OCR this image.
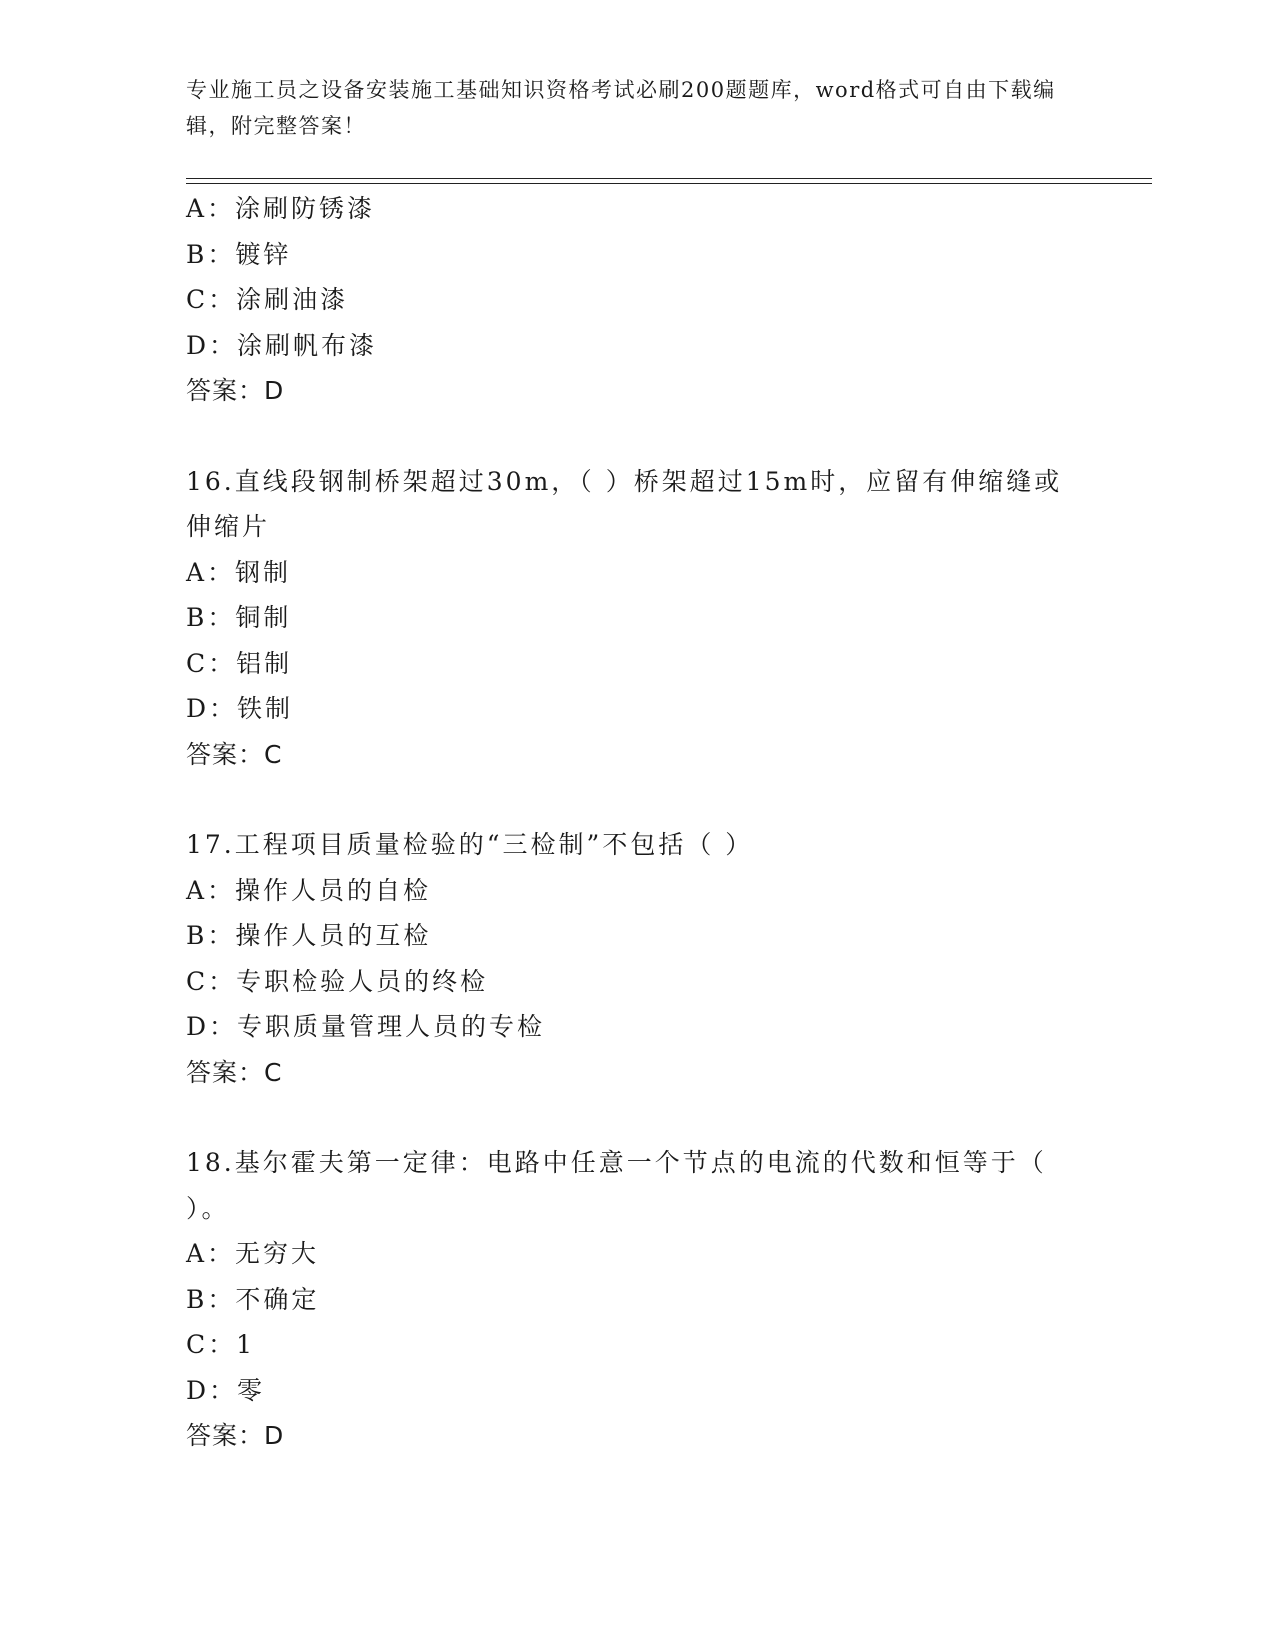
专业施工员之设备安装施工基础知识资格考试必刷200题题库，word格式可自由下载编辑，附完整答案！
A：涂刷防锈漆
B：镀锌
C：涂刷油漆
D：涂刷帆布漆
答案：D
16.直线段钢制桥架超过30m，（ ）桥架超过15m时，应留有伸缩缝或伸缩片
A：钢制
B：铜制
C：铝制
D：铁制
答案：C
17.工程项目质量检验的“三检制”不包括（ ）
A：操作人员的自检
B：操作人员的互检
C：专职检验人员的终检
D：专职质量管理人员的专检
答案：C
18.基尔霍夫第一定律：电路中任意一个节点的电流的代数和恒等于（ ）。
A：无穷大
B：不确定
C：1
D：零
答案：D
